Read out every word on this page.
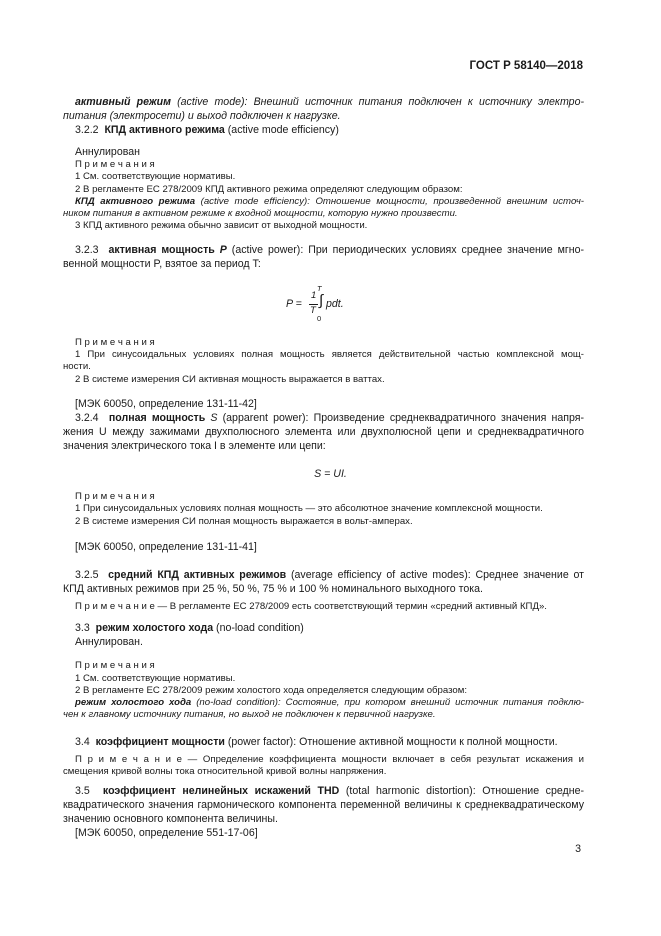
ГОСТ Р 58140—2018
активный режим (active mode): Внешний источник питания подключен к источнику электро-
питания (электросети) и выход подключен к нагрузке.
3.2.2 КПД активного режима (active mode efficiency)
Аннулирован
П р и м е ч а н и я
1 См. соответствующие нормативы.
2 В регламенте ЕС 278/2009 КПД активного режима определяют следующим образом:
КПД активного режима (active mode efficiency): Отношение мощности, произведенной внешним источ-
ником питания в активном режиме к входной мощности, которую нужно произвести.
3 КПД активного режима обычно зависит от выходной мощности.
3.2.3 активная мощность P (active power): При периодических условиях среднее значение мгно-
венной мощности P, взятое за период T:
P =
1
T
∫
T
0
pdt.
П р и м е ч а н и я
1 При синусоидальных условиях полная мощность является действительной частью комплексной мощ-
ности.
2 В системе измерения СИ активная мощность выражается в ваттах.
[МЭК 60050, определение 131-11-42]
3.2.4 полная мощность S (apparent power): Произведение среднеквадратичного значения напря-
жения U между зажимами двухполюсного элемента или двухполюсной цепи и среднеквадратичного
значения электрического тока I в элементе или цепи:
S = UI.
П р и м е ч а н и я
1 При синусоидальных условиях полная мощность — это абсолютное значение комплексной мощности.
2 В системе измерения СИ полная мощность выражается в вольт-амперах.
[МЭК 60050, определение 131-11-41]
3.2.5 средний КПД активных режимов (average efficiency of active modes): Среднее значение от
КПД активных режимов при 25 %, 50 %, 75 % и 100 % номинального выходного тока.
П р и м е ч а н и е — В регламенте ЕС 278/2009 есть соответствующий термин «средний активный КПД».
3.3 режим холостого хода (no-load condition)
Аннулирован.
П р и м е ч а н и я
1 См. соответствующие нормативы.
2 В регламенте ЕС 278/2009 режим холостого хода определяется следующим образом:
режим холостого хода (no-load condition): Состояние, при котором внешний источник питания подклю-
чен к главному источнику питания, но выход не подключен к первичной нагрузке.
3.4 коэффициент мощности (power factor): Отношение активной мощности к полной мощности.
П р и м е ч а н и е — Определение коэффициента мощности включает в себя результат искажения и
смещения кривой волны тока относительной кривой волны напряжения.
3.5 коэффициент нелинейных искажений THD (total harmonic distortion): Отношение средне-
квадратического значения гармонического компонента переменной величины к среднеквадратическому
значению основного компонента величины.
[МЭК 60050, определение 551-17-06]
3
